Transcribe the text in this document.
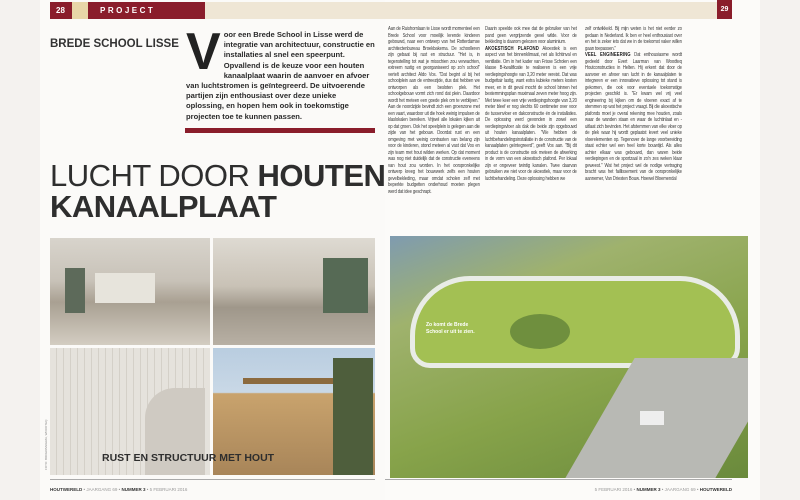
28	PROJECT
BREDE SCHOOL LISSE Voor een Brede School in Lisse werd de integratie van architectuur, constructie en installaties al snel een speerpunt. Opvallend is de keuze voor een houten kanaalplaat waarin de aanvoer en afvoer van luchtstromen is geïntegreerd. De uitvoerende partijen zijn enthousiast over deze unieke oplossing, en hopen hem ook in toekomstige projecten toe te kunnen passen.
LUCHT DOOR HOUTEN
KANAALPLAAT
RUST EN STRUCTUUR MET HOUT
FOTO: BROEKBAKEMA, WOODTEQ
HOUTWERELD • JAARGANG 69 • NUMMER 3 • 5 FEBRUARI 2016
29
Aan de Ruishornlaan te Lisse wordt momenteel een Brede School voor moeilijk lerende kinderen gebouwd, naar een ontwerp van het Rotterdamse architectenbureau Broekbakema. De schoolleren zijn gebaat bij rust en structuur. "Het is, in tegenstelling tot wat je misschien zou verwachten, extreem rustig en georganiseerd op zo'n school" vertelt architect Aldo Vos. "Dat begint al bij het schoolplein aan de entreezijde, dus dat hebben we ontworpen als een besloten plek. Het schoolgebouw vormt zich rond dat plein. Daardoor wordt het meteen een goede plek om te verblijven." Aan de noordzijde bevindt zich een groenzone met een vaart, waardoor uit die hoek weinig impulsen de klaslokalen bereiken. Vrijwel alle lokalen kijken uit op dat groen. Ook het speelplein is gelegen aan die zijde van het gebouw. Doordat rust en een omgeving met weinig contrasten van belang zijn voor de kinderen, stond meteen al vast dat Vos en zijn team met hout wilden werken. Op dat moment was nog niet duidelijk dat de constructie eveneens van hout zou worden. In het oorspronkelijke ontwerp kreeg het bouwwerk zelfs een houten gevelbekleding, maar omdat scholen zelf met beperkte budgetten onderhoud moeten plegen werd dat idee geschrapt.
Daarin speelde ook mee dat de gebruiker van het pand geen vergrijzende gevel wilde. Voor de bekleding is daarom gekozen voor aluminium.
AKOESTISCH PLAFOND Akoestiek is een aspect van het binnenklimaat, net als lichtinval en ventilatie. Om in het kader van Frisse Scholen een klasse B-kwalificatie te realiseren is een vrije verdiepingshoogte van 3,20 meter vereist. Dat was budgettair lastig, want extra kubieke meters kosten meer, en in dit geval mocht de school binnen het bestemmingsplan maximaal zeven meter hoog zijn. Met twee keer een vrije verdiepingshoogte van 3,20 meter bleef er nog slechts 60 centimeter over voor de tussenvloer en dakconstructie én de installaties. De oplossing werd gevonden in zowel een verdiepingsvloer als dak die beide zijn opgebouwd uit houten kanaalplaten. "We hebben de luchtbehandelingsinstallatie in de constructie van de kanaalplaten geïntegreerd", geeft Vos aan. "Bij dit product is de constructie ook meteen de afwerking in de vorm van een akoestisch plafond. Per lokaal zijn er ongeveer twintig kanalen. Twee daarvan gebruiken we niet voor de akoestiek, maar voor de luchtbehandeling. Deze oplossing hebben we
zelf ontwikkeld. Bij mijn weten is het niet eerder zo gedaan in Nederland. Ik ben er heel enthousiast over en het is zeker iets dat we in de toekomst vaker willen gaan toepassen."
VEEL ENGINEERING Dat enthousiasme wordt gedeeld door Evert Laarman van Woodteq Houtconstructies in Helten. Hij erkent dat door de aanvoer en afvoer van lucht in de kanaalplaten te integreren er een innovatieve oplossing tot stand is gekomen, die ook voor eventuele toekomstige projecten geschikt is. "Er kwam wel vrij veel engineering bij kijken om de vloeren exact af te stemmen op wat het project vraagt. Bij die akoestische plafonds moet je overal rekening mee houden, zoals waar de wanden staan en waar de luchtinlaat en -uitlaat zich bevinden. Het afstemmen van elke vloer op de plek waar hij wordt geplaatst levert veel unieke vloerelementen op. Tegenover de lange voorbereiding staat echter wel een heel korte bouwtijd. Als alles achter elkaar was gebouwd, dan waren beide verdiepingen en de sportzaal in zo'n zes weken klaar geweest." Wat het project wel de nodige vertraging bracht was het faillissement van de oorspronkelijke aannemer, Van Driesten Bouw. Hoewel Bloemendal
Zo komt de Brede School er uit te zien.
5 FEBRUARI 2016 • NUMMER 3 • JAARGANG 69 • HOUTWERELD
